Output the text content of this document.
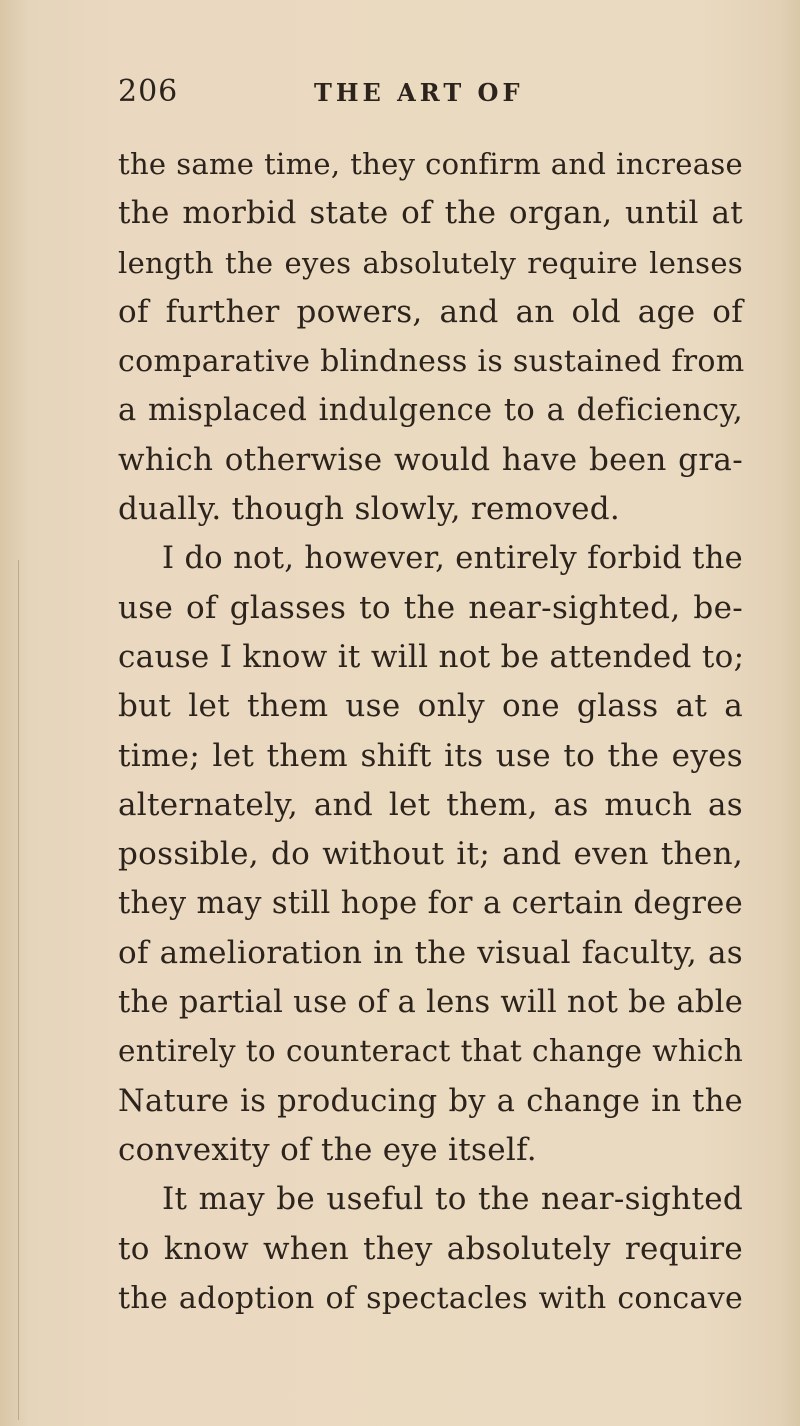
206	THE ART OF
the same time, they confirm and increase
the morbid state of the organ, until at
length the eyes absolutely require lenses
of further powers, and an old age of
comparative blindness is sustained from
a misplaced indulgence to a deficiency,
which otherwise would have been gra-
dually. though slowly, removed.
I do not, however, entirely forbid the
use of glasses to the near-sighted, be-
cause I know it will not be attended to;
but let them use only one glass at a
time; let them shift its use to the eyes
alternately, and let them, as much as
possible, do without it; and even then,
they may still hope for a certain degree
of amelioration in the visual faculty, as
the partial use of a lens will not be able
entirely to counteract that change which
Nature is producing by a change in the
convexity of the eye itself.
It may be useful to the near-sighted
to know when they absolutely require
the adoption of spectacles with concave
